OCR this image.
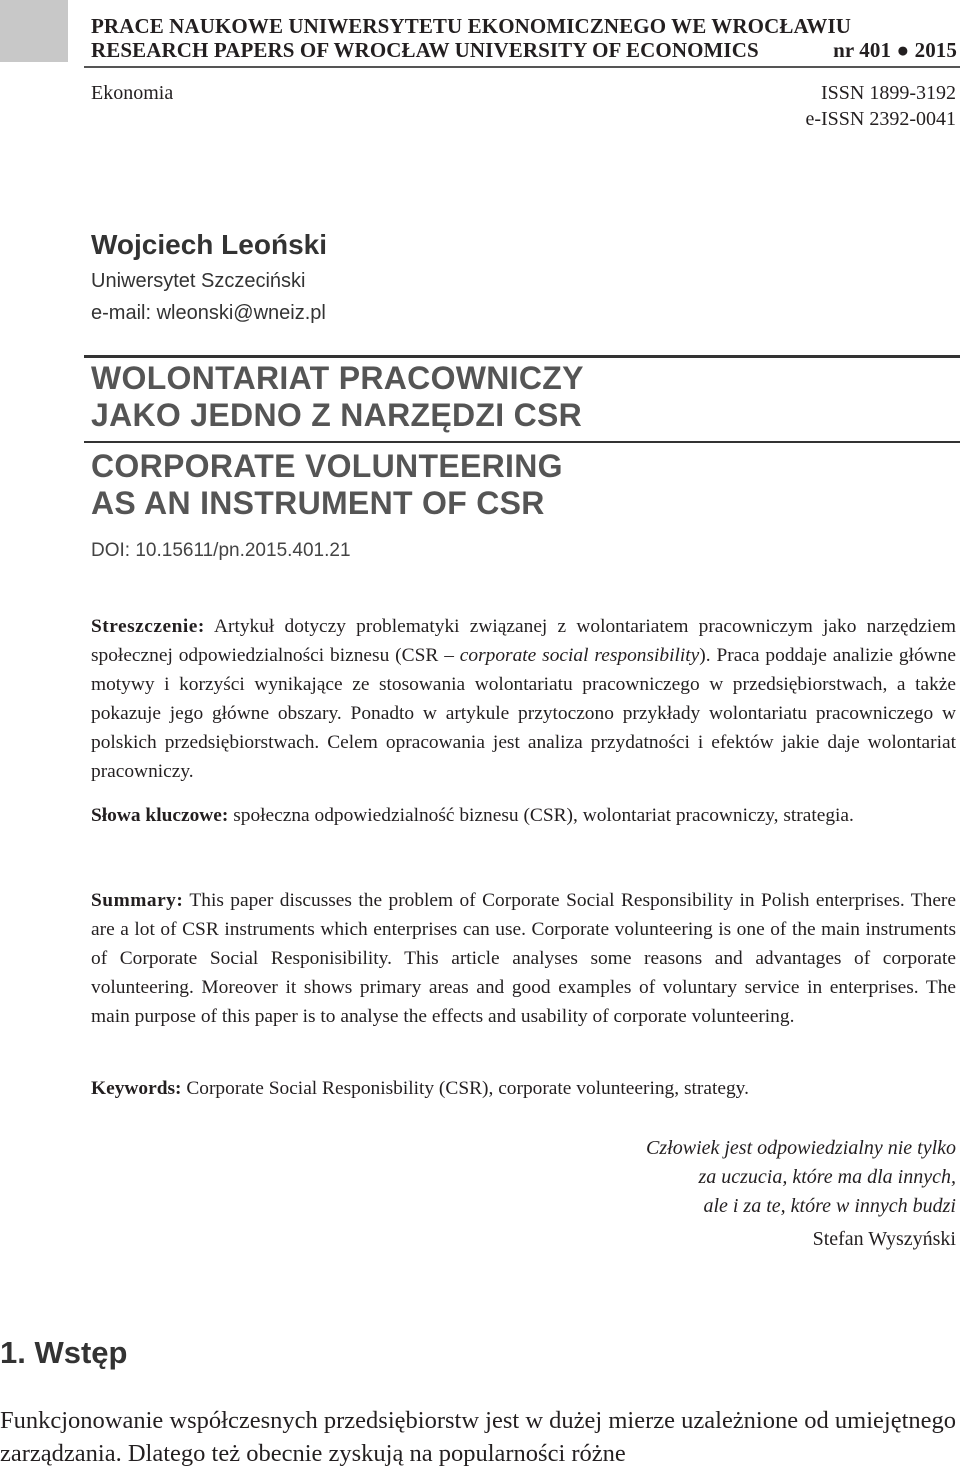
PRACE NAUKOWE UNIWERSYTETU EKONOMICZNEGO WE WROCŁAWIU
RESEARCH PAPERS OF WROCŁAW UNIVERSITY OF ECONOMICS	nr 401 ● 2015
Ekonomia	ISSN 1899-3192
e-ISSN 2392-0041
Wojciech Leoński
Uniwersytet Szczeciński
e-mail: wleonski@wneiz.pl
WOLONTARIAT PRACOWNICZY
JAKO JEDNO Z NARZĘDZI CSR
CORPORATE VOLUNTEERING
AS AN INSTRUMENT OF CSR
DOI: 10.15611/pn.2015.401.21
Streszczenie: Artykuł dotyczy problematyki związanej z wolontariatem pracowniczym jako narzędziem społecznej odpowiedzialności biznesu (CSR – corporate social responsibility). Praca poddaje analizie główne motywy i korzyści wynikające ze stosowania wolontariatu pracowniczego w przedsiębiorstwach, a także pokazuje jego główne obszary. Ponadto w artykule przytoczono przykłady wolontariatu pracowniczego w polskich przedsiębiorstwach. Celem opracowania jest analiza przydatności i efektów jakie daje wolontariat pracowniczy.
Słowa kluczowe: społeczna odpowiedzialność biznesu (CSR), wolontariat pracowniczy, strategia.
Summary: This paper discusses the problem of Corporate Social Responsibility in Polish enterprises. There are a lot of CSR instruments which enterprises can use. Corporate volunteering is one of the main instruments of Corporate Social Responisibility. This article analyses some reasons and advantages of corporate volunteering. Moreover it shows primary areas and good examples of voluntary service in enterprises. The main purpose of this paper is to analyse the effects and usability of corporate volunteering.
Keywords: Corporate Social Responisbility (CSR), corporate volunteering, strategy.
Człowiek jest odpowiedzialny nie tylko
za uczucia, które ma dla innych,
ale i za te, które w innych budzi
Stefan Wyszyński
1. Wstęp
Funkcjonowanie współczesnych przedsiębiorstw jest w dużej mierze uzależnione od umiejętnego zarządzania. Dlatego też obecnie zyskują na popularności różne
